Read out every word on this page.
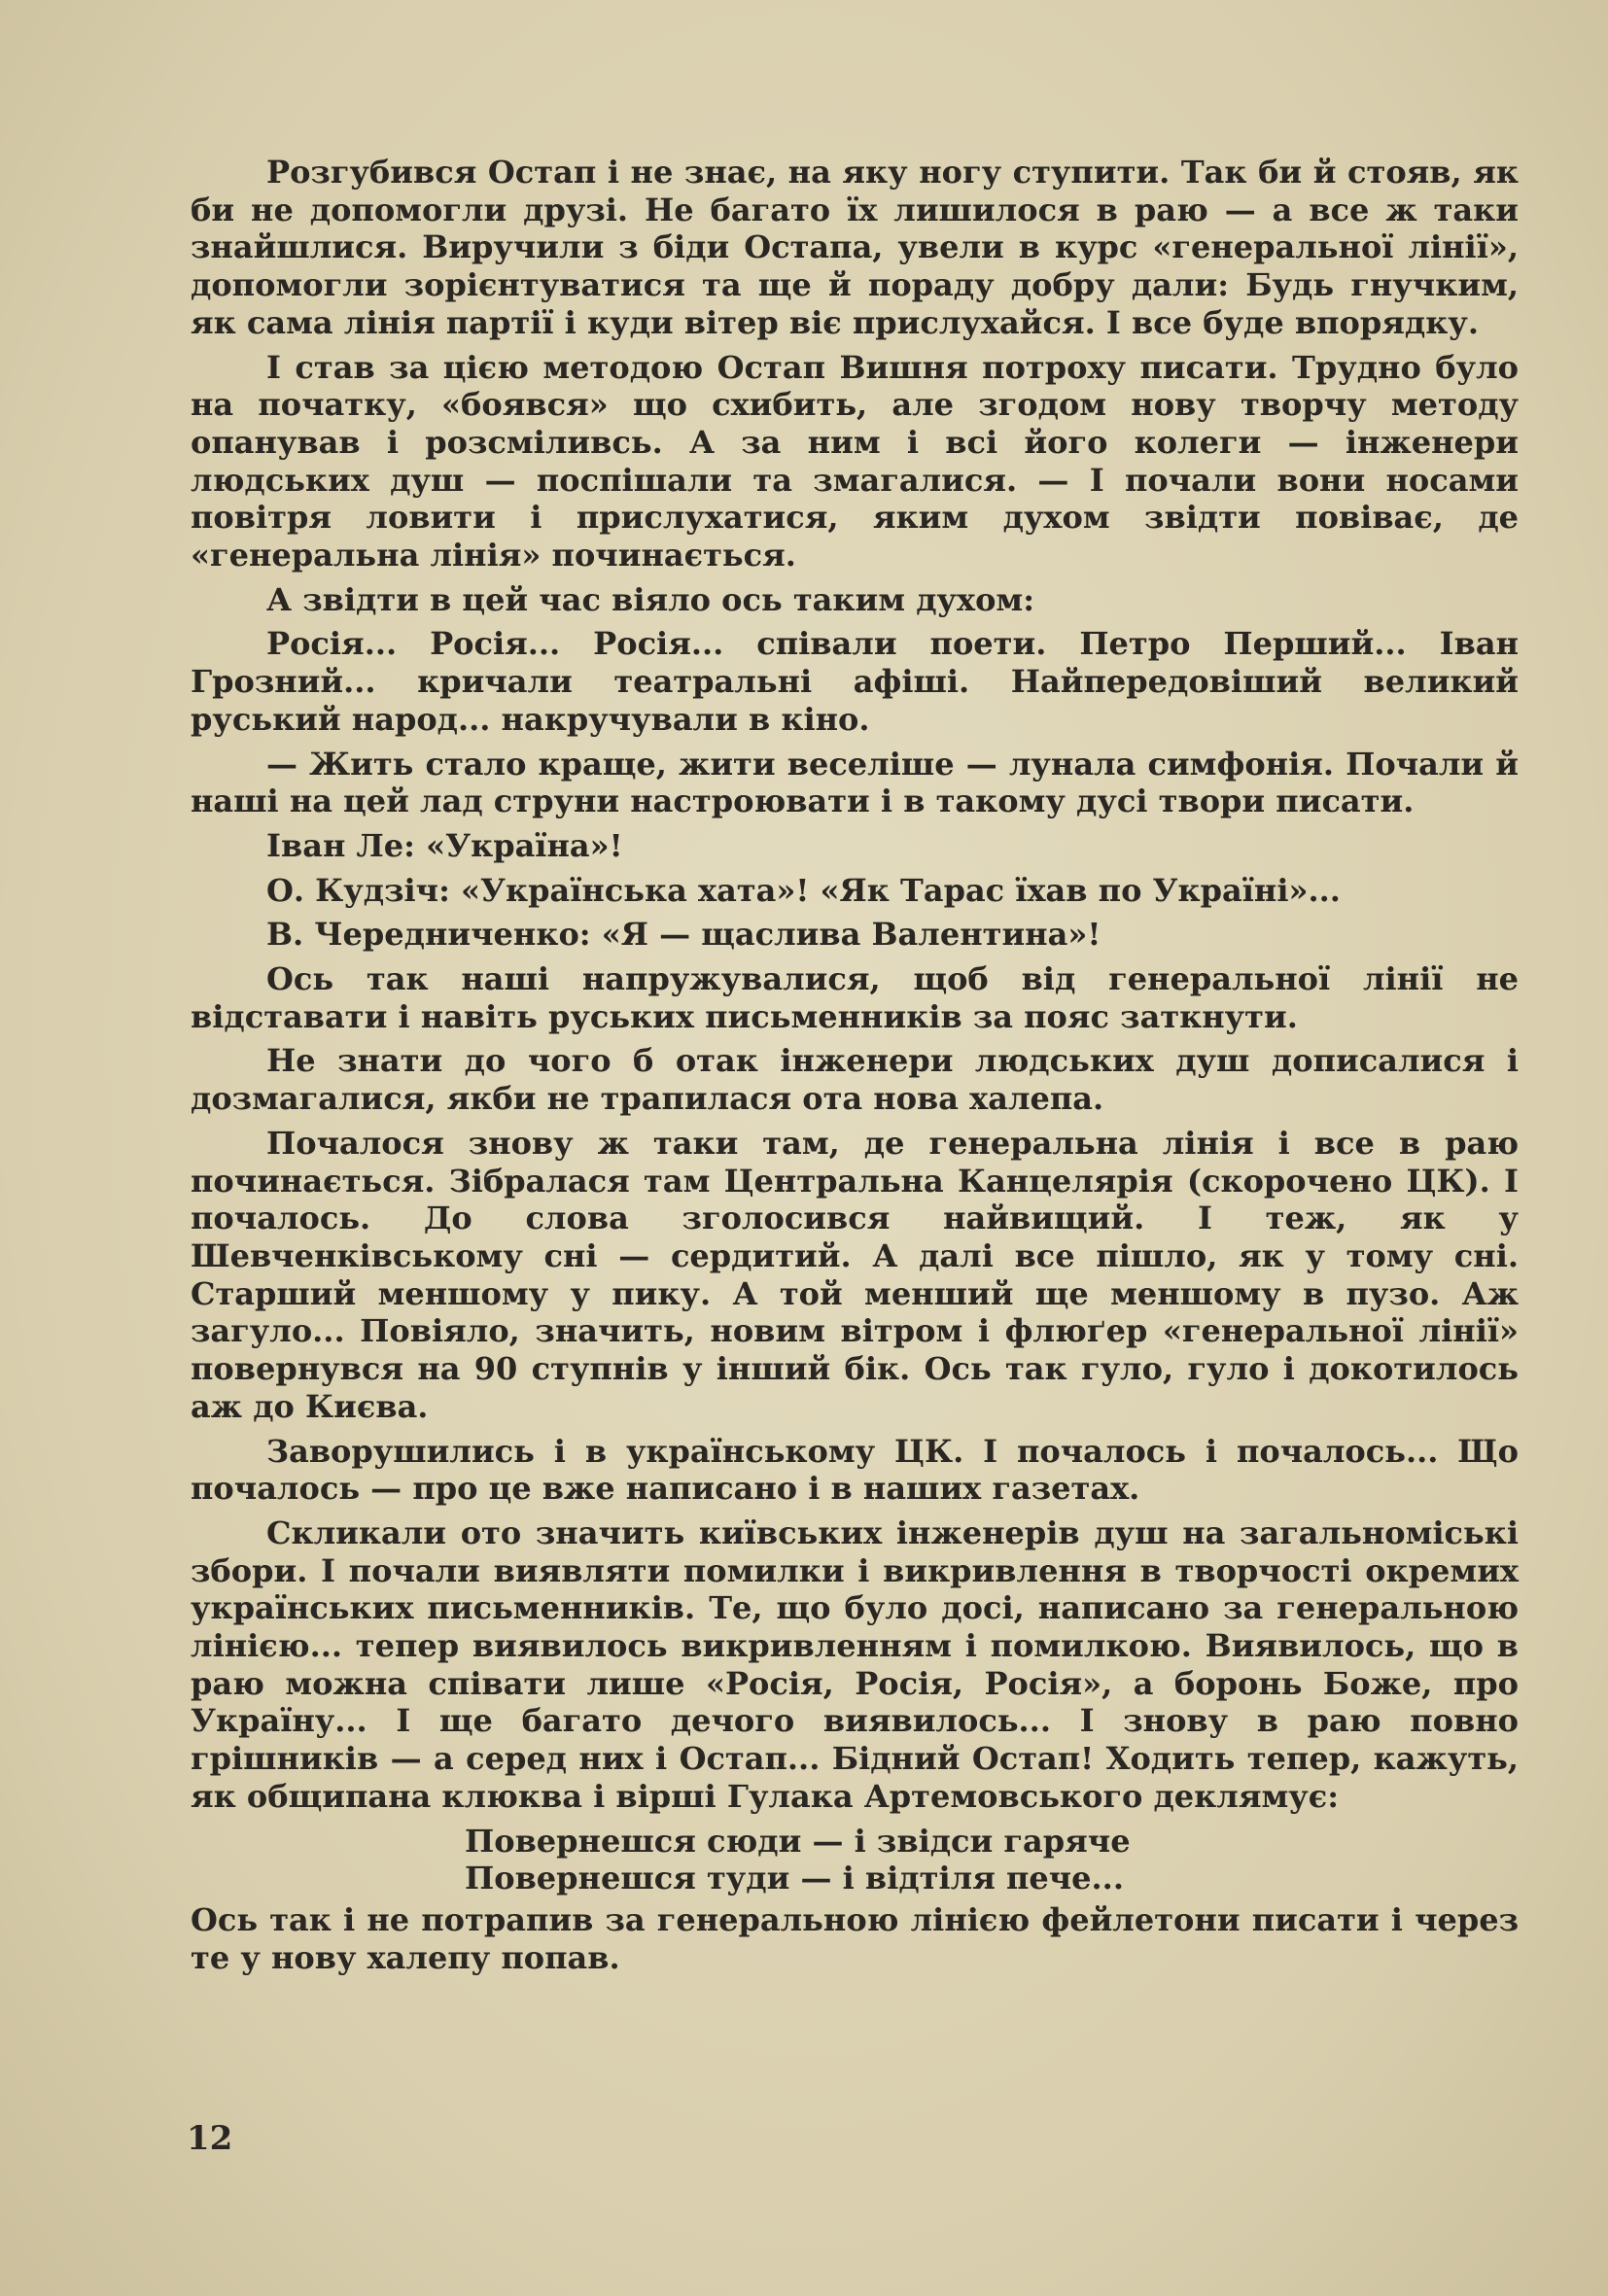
Розгубився Остап і не знає, на яку ногу ступити. Так би й стояв, як би не допомогли друзі. Не багато їх лишилося в раю — а все ж таки знайшлися. Виручили з біди Остапа, увели в курс «генеральної лінії», допомогли зорієнтуватися та ще й пораду добру дали: Будь гнучким, як сама лінія партії і куди вітер віє прислухайся. І все буде впорядку.

І став за цією методою Остап Вишня потроху писати. Трудно було на початку, «боявся» що схибить, але згодом нову творчу методу опанував і розсміливсь. А за ним і всі його колеги — інженери людських душ — поспішали та змагалися. — І почали вони носами повітря ловити і прислухатися, яким духом звідти повіває, де «генеральна лінія» починається.

А звідти в цей час віяло ось таким духом:

Росія... Росія... Росія... співали поети. Петро Перший... Іван Грозний... кричали театральні афіші. Найпередовіший великий руський народ... накручували в кіно.

— Жить стало краще, жити веселіше — лунала симфонія. Почали й наші на цей лад струни настроювати і в такому дусі твори писати.

Іван Ле: «Україна»!

О. Кудзіч: «Українська хата»! «Як Тарас їхав по Україні»...

В. Чередниченко: «Я — щаслива Валентина»!

Ось так наші напружувалися, щоб від генеральної лінії не відставати і навіть руських письменників за пояс заткнути.

Не знати до чого б отак інженери людських душ дописалися і дозмагалися, якби не трапилася ота нова халепа.

Почалося знову ж таки там, де генеральна лінія і все в раю починається. Зібралася там Центральна Канцелярія (скорочено ЦК). І почалось. До слова зголосився найвищий. І теж, як у Шевченківському сні — сердитий. А далі все пішло, як у тому сні. Старший меншому у пику. А той менший ще меншому в пузо. Аж загуло... Повіяло, значить, новим вітром і флюґер «генеральної лінії» повернувся на 90 ступнів у інший бік. Ось так гуло, гуло і докотилось аж до Києва.

Заворушились і в українському ЦК. І почалось і почалось... Що почалось — про це вже написано і в наших газетах.

Скликали ото значить київських інженерів душ на загальноміські збори. І почали виявляти помилки і викривлення в творчості окремих українських письменників. Те, що було досі, написано за генеральною лінією... тепер виявилось викривленням і помилкою. Виявилось, що в раю можна співати лише «Росія, Росія, Росія», а боронь Боже, про Україну... І ще багато дечого виявилось... І знову в раю повно грішників — а серед них і Остап... Бідний Остап! Ходить тепер, кажуть, як общипана клюква і вірші Гулака Артемовського деклямує:

Повернешся сюди — і звідси гаряче
Повернешся туди — і відтіля пече...

Ось так і не потрапив за генеральною лінією фейлетони писати і через те у нову халепу попав.

12
